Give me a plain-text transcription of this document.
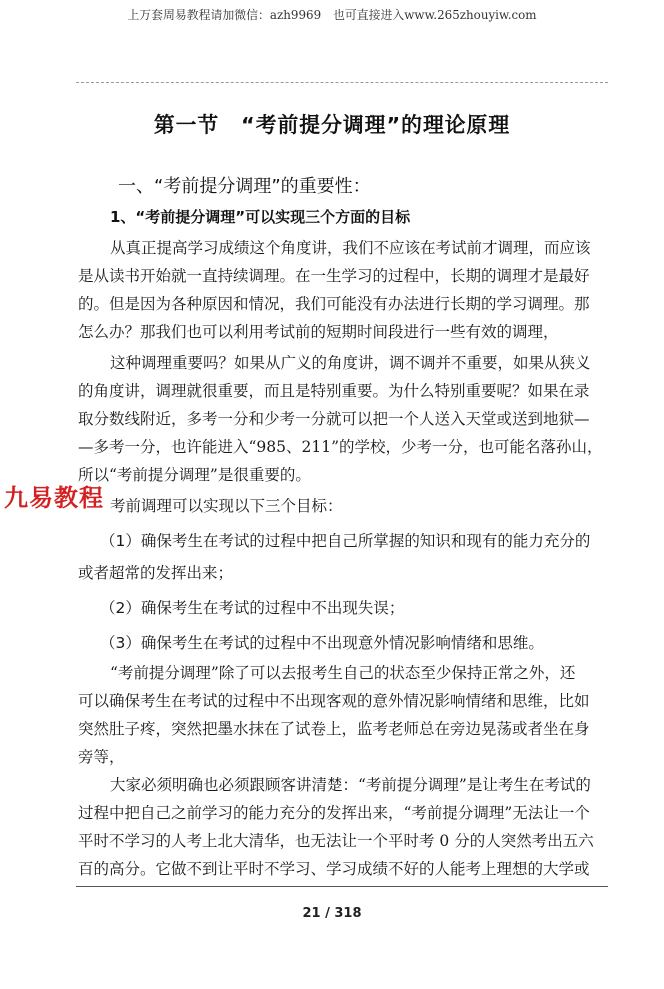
上万套周易教程请加微信：azh9969　也可直接进入www.265zhouyiw.com
第一节　“考前提分调理”的理论原理
一、“考前提分调理”的重要性：
1、“考前提分调理”可以实现三个方面的目标
从真正提高学习成绩这个角度讲，我们不应该在考试前才调理，而应该
是从读书开始就一直持续调理。在一生学习的过程中，长期的调理才是最好
的。但是因为各种原因和情况，我们可能没有办法进行长期的学习调理。那
怎么办？那我们也可以利用考试前的短期时间段进行一些有效的调理，
这种调理重要吗？如果从广义的角度讲，调不调并不重要，如果从狭义
的角度讲，调理就很重要，而且是特别重要。为什么特别重要呢？如果在录
取分数线附近，多考一分和少考一分就可以把一个人送入天堂或送到地狱—
—多考一分，也许能进入“985、211”的学校，少考一分，也可能名落孙山，
所以“考前提分调理”是很重要的。
考前调理可以实现以下三个目标：
九易教程
（1）确保考生在考试的过程中把自己所掌握的知识和现有的能力充分的
或者超常的发挥出来；
（2）确保考生在考试的过程中不出现失误；
（3）确保考生在考试的过程中不出现意外情况影响情绪和思维。
“考前提分调理”除了可以去报考生自己的状态至少保持正常之外，还
可以确保考生在考试的过程中不出现客观的意外情况影响情绪和思维，比如
突然肚子疼，突然把墨水抹在了试卷上，监考老师总在旁边晃荡或者坐在身
旁等，
大家必须明确也必须跟顾客讲清楚：“考前提分调理”是让考生在考试的
过程中把自己之前学习的能力充分的发挥出来，“考前提分调理”无法让一个
平时不学习的人考上北大清华，也无法让一个平时考 0 分的人突然考出五六
百的高分。它做不到让平时不学习、学习成绩不好的人能考上理想的大学或
21 / 318
